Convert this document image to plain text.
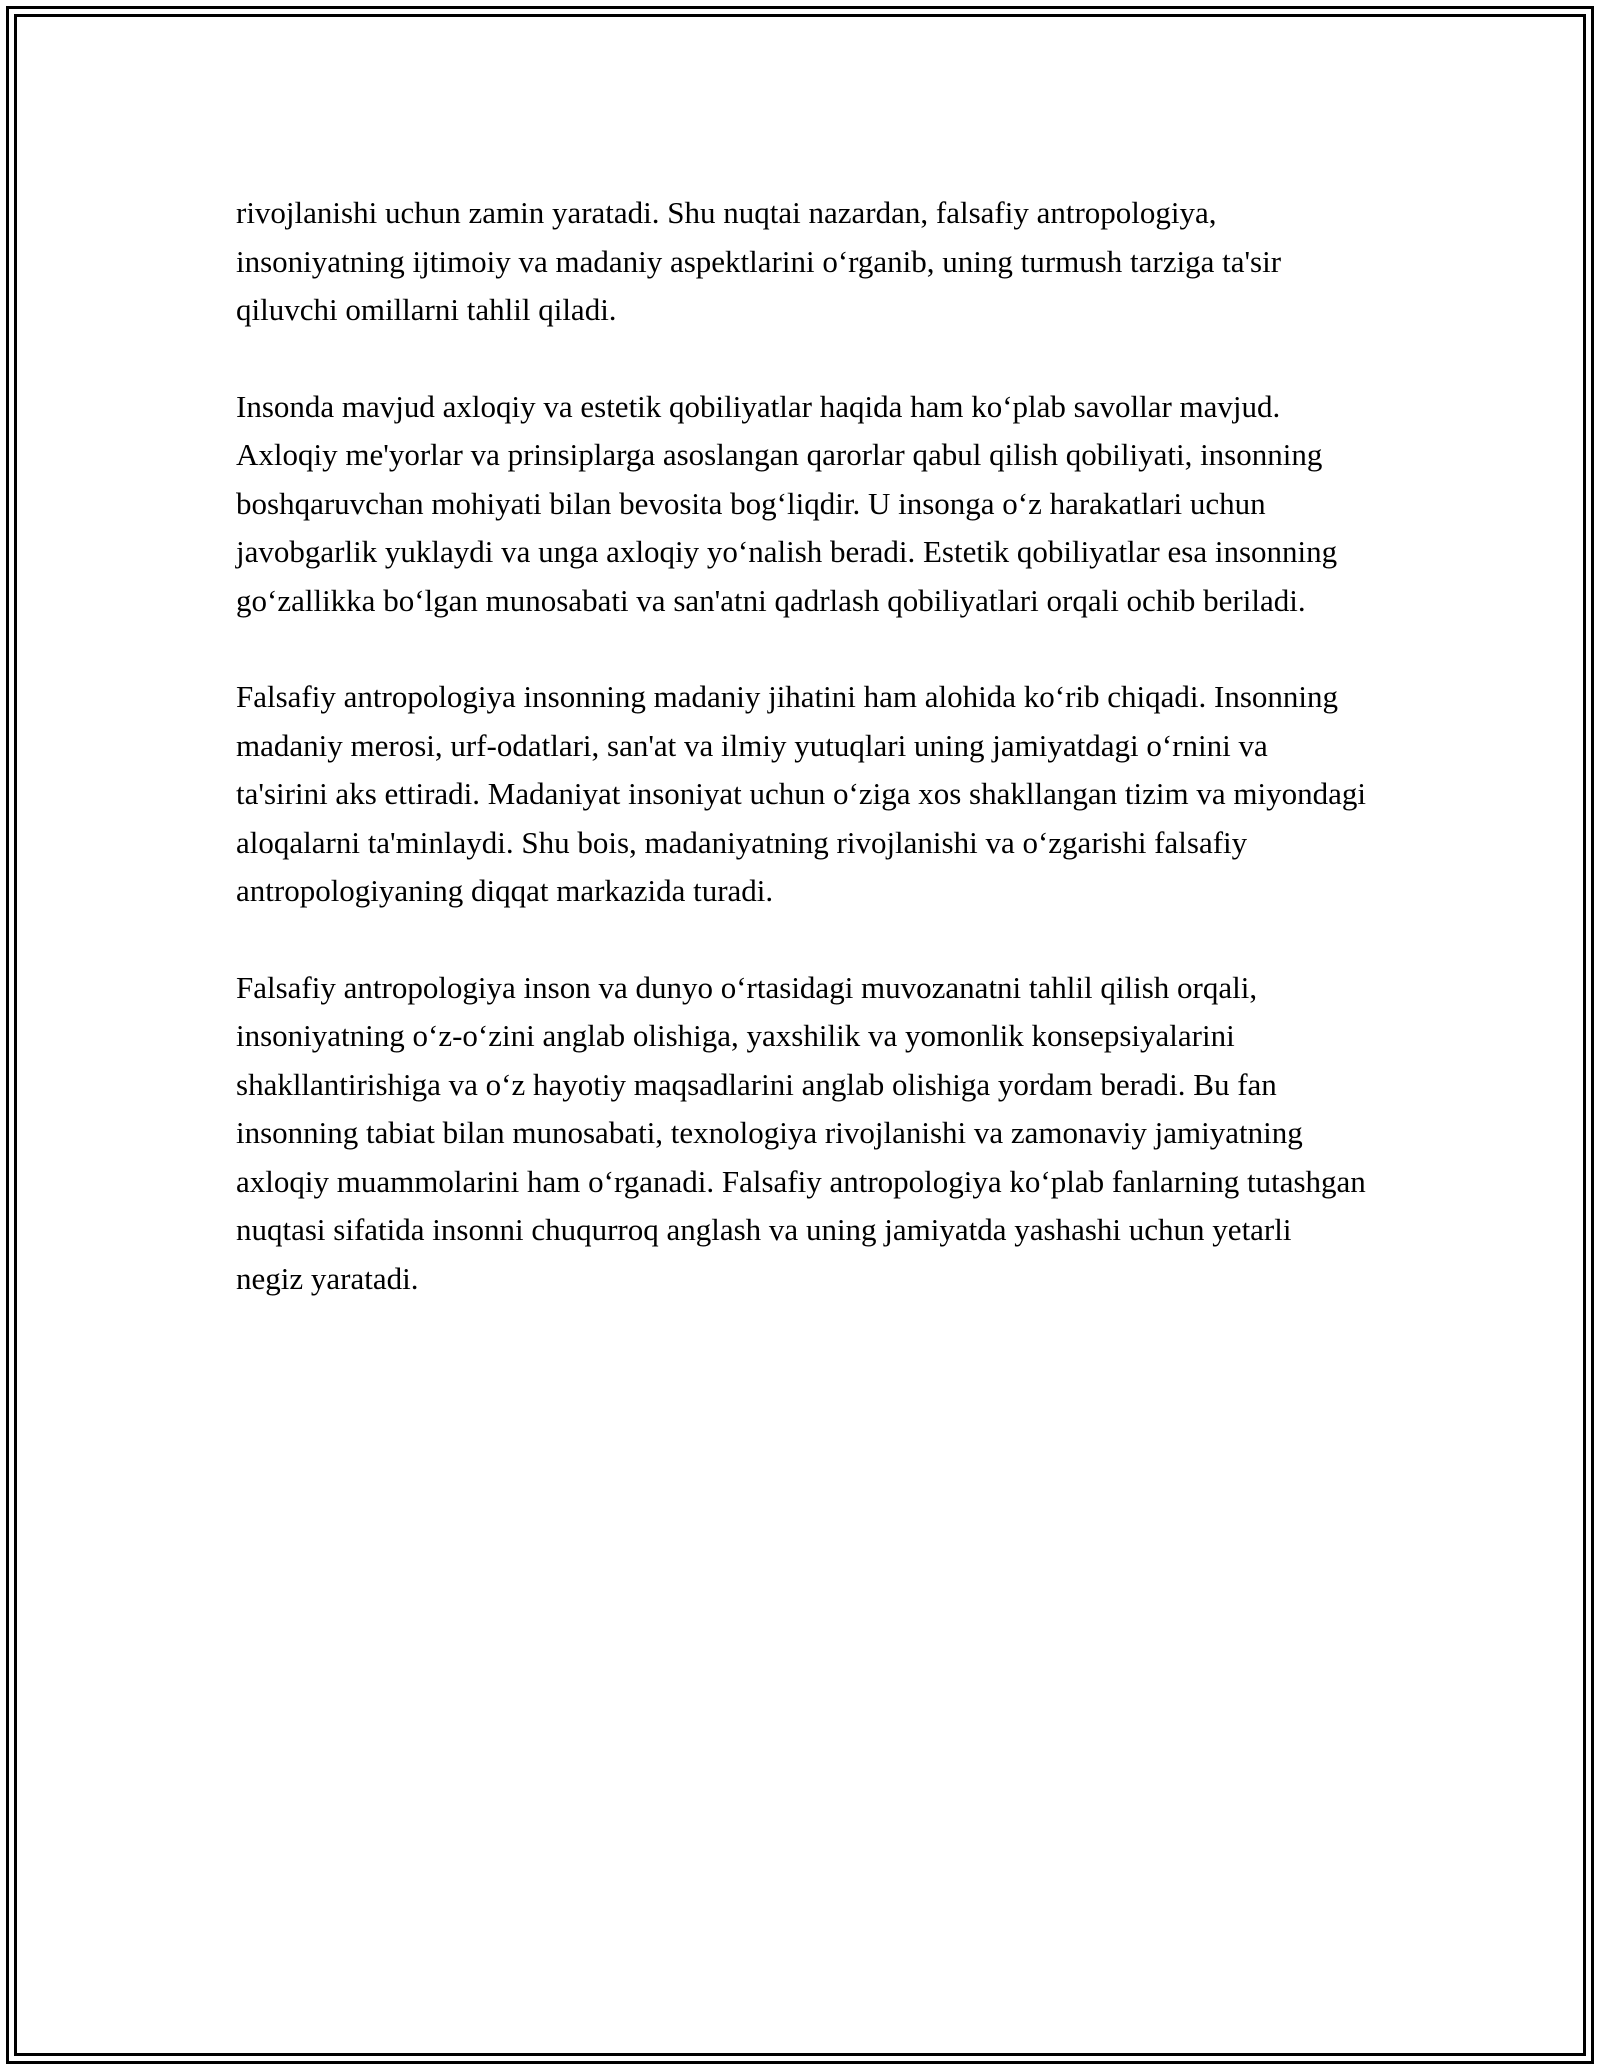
rivojlanishi uchun zamin yaratadi. Shu nuqtai nazardan, falsafiy antropologiya, insoniyatning ijtimoiy va madaniy aspektlarini o‘rganib, uning turmush tarziga ta'sir qiluvchi omillarni tahlil qiladi.

Insonda mavjud axloqiy va estetik qobiliyatlar haqida ham ko‘plab savollar mavjud. Axloqiy me'yorlar va prinsiplarga asoslangan qarorlar qabul qilish qobiliyati, insonning boshqaruvchan mohiyati bilan bevosita bog‘liqdir. U insonga o‘z harakatlari uchun javobgarlik yuklaydi va unga axloqiy yo‘nalish beradi. Estetik qobiliyatlar esa insonning go‘zallikka bo‘lgan munosabati va san'atni qadrlash qobiliyatlari orqali ochib beriladi.

Falsafiy antropologiya insonning madaniy jihatini ham alohida ko‘rib chiqadi. Insonning madaniy merosi, urf-odatlari, san'at va ilmiy yutuqlari uning jamiyatdagi o‘rnini va ta'sirini aks ettiradi. Madaniyat insoniyat uchun o‘ziga xos shakllangan tizim va miyondagi aloqalarni ta'minlaydi. Shu bois, madaniyatning rivojlanishi va o‘zgarishi falsafiy antropologiyaning diqqat markazida turadi.

Falsafiy antropologiya inson va dunyo o‘rtasidagi muvozanatni tahlil qilish orqali, insoniyatning o‘z-o‘zini anglab olishiga, yaxshilik va yomonlik konsepsiyalarini shakllantirishiga va o‘z hayotiy maqsadlarini anglab olishiga yordam beradi. Bu fan insonning tabiat bilan munosabati, texnologiya rivojlanishi va zamonaviy jamiyatning axloqiy muammolarini ham o‘rganadi. Falsafiy antropologiya ko‘plab fanlarning tutashgan nuqtasi sifatida insonni chuqurroq anglash va uning jamiyatda yashashi uchun yetarli negiz yaratadi.
